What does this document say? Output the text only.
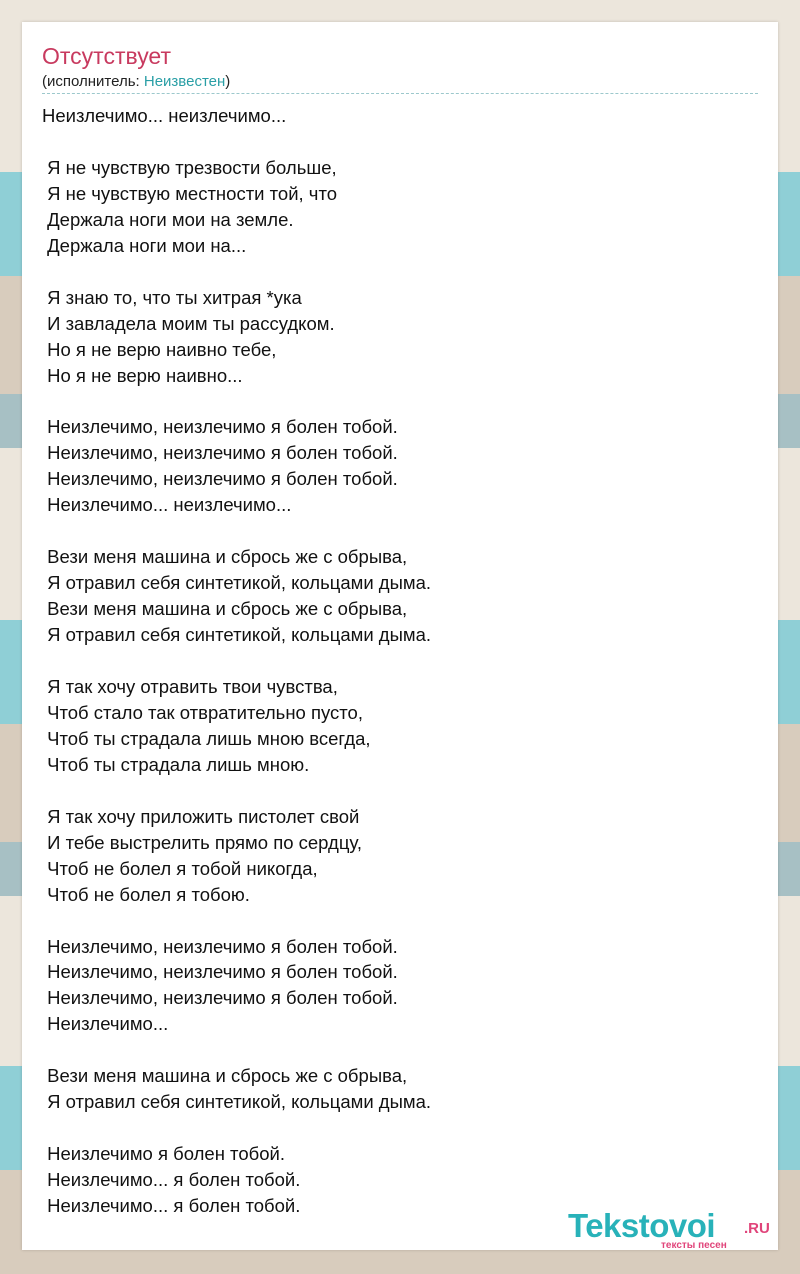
Отсутствует
(исполнитель: Неизвестен)
Неизлечимо... неизлечимо...

Я не чувствую трезвости больше,
Я не чувствую местности той, что
Держала ноги мои на земле.
Держала ноги мои на...

Я знаю то, что ты хитрая *ука
И завладела моим ты рассудком.
Но я не верю наивно тебе,
Но я не верю наивно...

Неизлечимо, неизлечимо я болен тобой.
Неизлечимо, неизлечимо я болен тобой.
Неизлечимо, неизлечимо я болен тобой.
Неизлечимо... неизлечимо...

Вези меня машина и сбрось же с обрыва,
Я отравил себя синтетикой, кольцами дыма.
Вези меня машина и сбрось же с обрыва,
Я отравил себя синтетикой, кольцами дыма.

Я так хочу отравить твои чувства,
Чтоб стало так отвратительно пусто,
Чтоб ты страдала лишь мною всегда,
Чтоб ты страдала лишь мною.

Я так хочу приложить пистолет свой
И тебе выстрелить прямо по сердцу,
Чтоб не болел я тобой никогда,
Чтоб не болел я тобою.

Неизлечимо, неизлечимо я болен тобой.
Неизлечимо, неизлечимо я болен тобой.
Неизлечимо, неизлечимо я болен тобой.
Неизлечимо...

Вези меня машина и сбрось же с обрыва,
Я отравил себя синтетикой, кольцами дыма.

Неизлечимо я болен тобой.
Неизлечимо... я болен тобой.
Неизлечимо... я болен тобой.
Tekstovoi .RU
тексты песен
